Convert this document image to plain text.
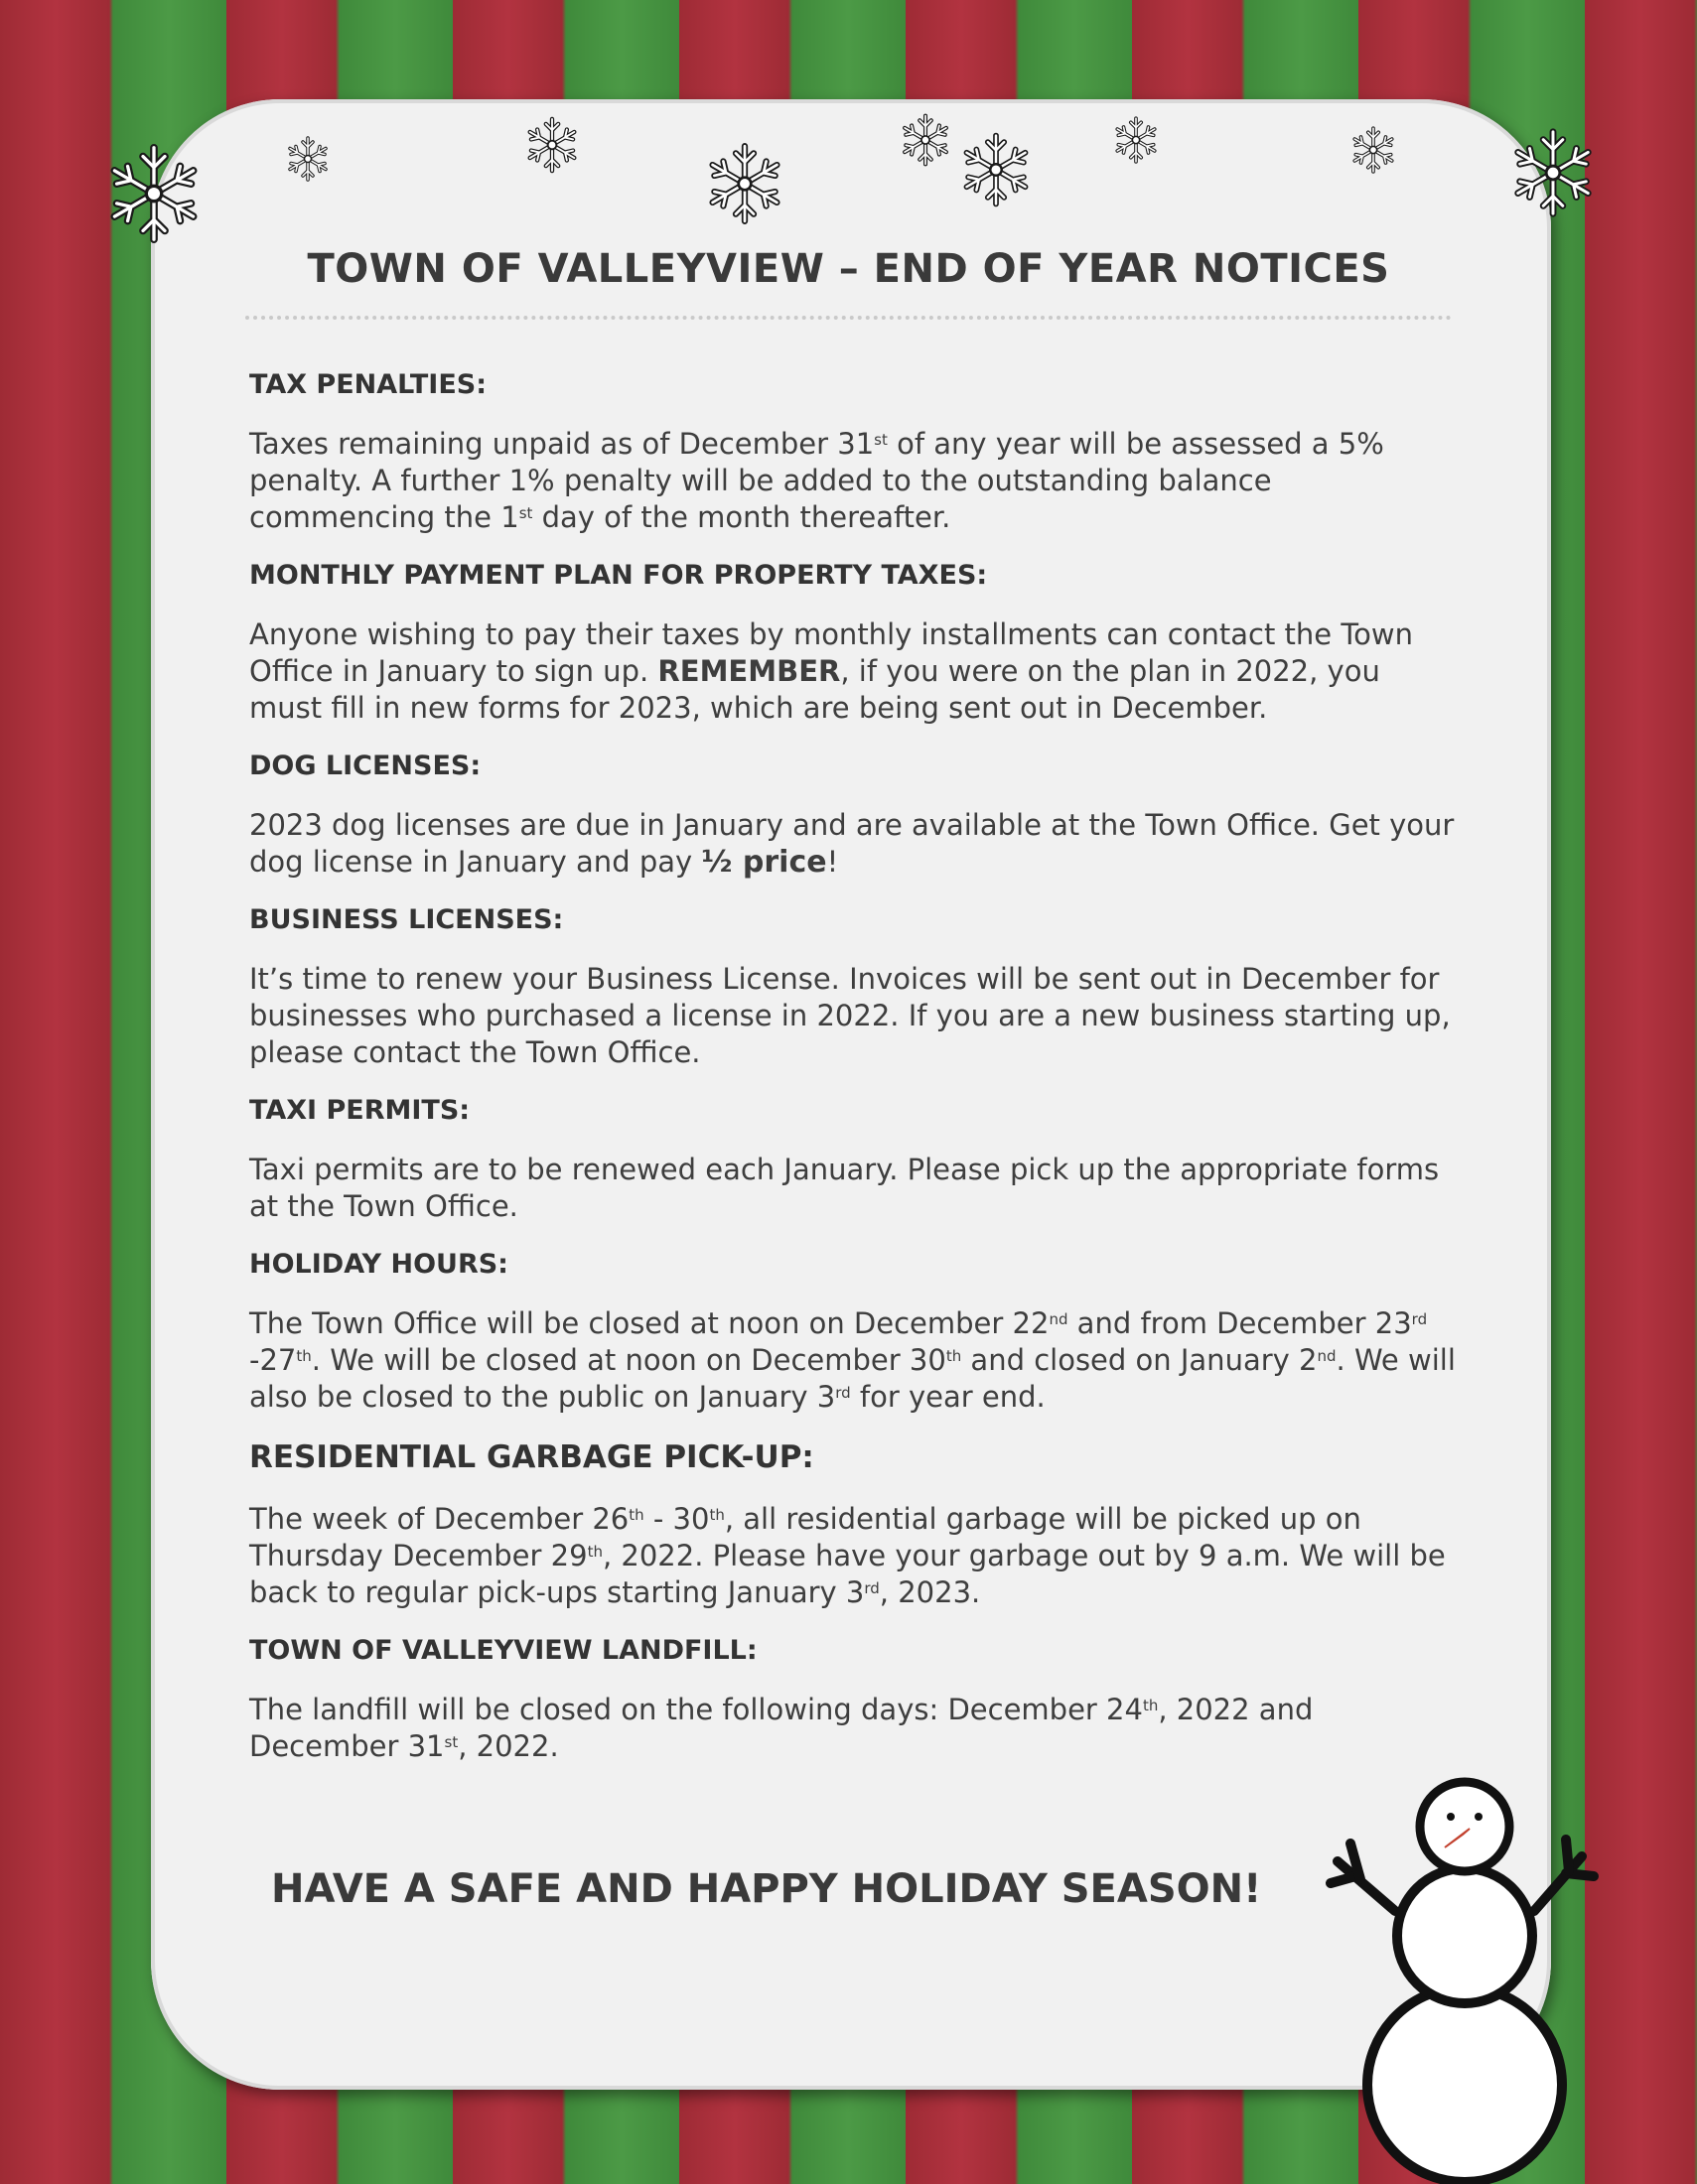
TOWN OF VALLEYVIEW – END OF YEAR NOTICES
TAX PENALTIES:

Taxes remaining unpaid as of December 31st of any year will be assessed a 5% penalty. A further 1% penalty will be added to the outstanding balance commencing the 1st day of the month thereafter.

MONTHLY PAYMENT PLAN FOR PROPERTY TAXES:

Anyone wishing to pay their taxes by monthly installments can contact the Town Office in January to sign up. REMEMBER, if you were on the plan in 2022, you must fill in new forms for 2023, which are being sent out in December.

DOG LICENSES:

2023 dog licenses are due in January and are available at the Town Office. Get your dog license in January and pay ½ price!

BUSINESS LICENSES:

It’s time to renew your Business License. Invoices will be sent out in December for businesses who purchased a license in 2022. If you are a new business starting up, please contact the Town Office.

TAXI PERMITS:

Taxi permits are to be renewed each January. Please pick up the appropriate forms at the Town Office.

HOLIDAY HOURS:

The Town Office will be closed at noon on December 22nd and from December 23rd -27th. We will be closed at noon on December 30th and closed on January 2nd. We will also be closed to the public on January 3rd for year end.

RESIDENTIAL GARBAGE PICK-UP:

The week of December 26th - 30th, all residential garbage will be picked up on Thursday December 29th, 2022. Please have your garbage out by 9 a.m. We will be back to regular pick-ups starting January 3rd, 2023.

TOWN OF VALLEYVIEW LANDFILL:

The landfill will be closed on the following days: December 24th, 2022 and December 31st, 2022.

HAVE A SAFE AND HAPPY HOLIDAY SEASON!
